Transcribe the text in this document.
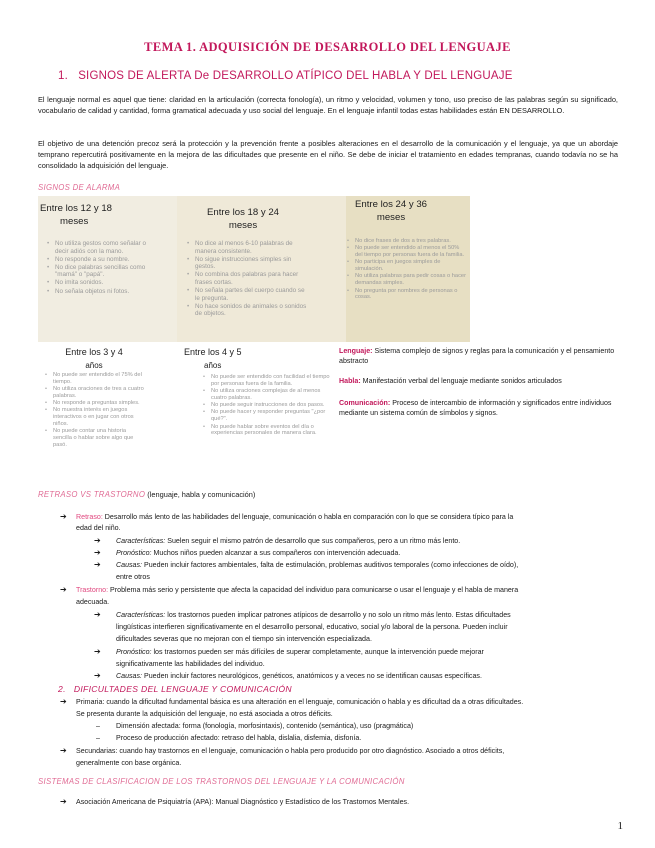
TEMA 1. ADQUISICIÓN DE DESARROLLO DEL LENGUAJE
1. SIGNOS DE ALERTA De DESARROLLO ATÍPICO DEL HABLA Y DEL LENGUAJE
El lenguaje normal es aquel que tiene: claridad en la articulación (correcta fonología), un ritmo y velocidad, volumen y tono, uso preciso de las palabras según su significado, vocabulario de calidad y cantidad, forma gramatical adecuada y uso social del lenguaje. En el lenguaje infantil todas estas habilidades están EN DESARROLLO.
El objetivo de una detención precoz será la protección y la prevención frente a posibles alteraciones en el desarrollo de la comunicación y el lenguaje, ya que un abordaje temprano repercutirá positivamente en la mejora de las dificultades que presente en el niño. Se debe de iniciar el tratamiento en edades tempranas, cuando todavía no se ha consolidado la adquisición del lenguaje.
SIGNOS DE ALARMA
Entre los 12 y 18
meses
• No utiliza gestos como señalar o decir adiós con la mano.
• No responde a su nombre.
• No dice palabras sencillas como "mamá" o "papá".
• No imita sonidos.
• No señala objetos ni fotos.
Entre los 18 y 24
meses
• No dice al menos 6-10 palabras de manera consistente.
• No sigue instrucciones simples sin gestos.
• No combina dos palabras para hacer frases cortas.
• No señala partes del cuerpo cuando se le pregunta.
• No hace sonidos de animales o sonidos de objetos.
Entre los 24 y 36
meses
• No dice frases de dos a tres palabras.
• No puede ser entendido al menos el 50% del tiempo por personas fuera de la familia.
• No participa en juegos simples de simulación.
• No utiliza palabras para pedir cosas o hacer demandas simples.
• No pregunta por nombres de personas o cosas.
Entre los 3 y 4
años
• No puede ser entendido el 75% del tiempo.
• No utiliza oraciones de tres a cuatro palabras.
• No responde a preguntas simples.
• No muestra interés en juegos interactivos o en jugar con otros niños.
• No puede contar una historia sencilla o hablar sobre algo que pasó.
Entre los 4 y 5
años
• No puede ser entendido con facilidad el tiempo por personas fuera de la familia.
• No utiliza oraciones complejas de al menos cuatro palabras.
• No puede seguir instrucciones de dos pasos.
• No puede hacer y responder preguntas "¿por qué?".
• No puede hablar sobre eventos del día o experiencias personales de manera clara.
Lenguaje: Sistema complejo de signos y reglas para la comunicación y el pensamiento abstracto
Habla: Manifestación verbal del lenguaje mediante sonidos articulados
Comunicación: Proceso de intercambio de información y significados entre individuos mediante un sistema común de símbolos y signos.
RETRASO VS TRASTORNO (lenguaje, habla y comunicación)
➔ Retraso: Desarrollo más lento de las habilidades del lenguaje, comunicación o habla en comparación con lo que se considera típico para la
edad del niño.
➔ Características: Suelen seguir el mismo patrón de desarrollo que sus compañeros, pero a un ritmo más lento.
➔ Pronóstico: Muchos niños pueden alcanzar a sus compañeros con intervención adecuada.
➔ Causas: Pueden incluir factores ambientales, falta de estimulación, problemas auditivos temporales (como infecciones de oído),
entre otros
➔ Trastorno: Problema más serio y persistente que afecta la capacidad del individuo para comunicarse o usar el lenguaje y el habla de manera
adecuada.
➔ Características: los trastornos pueden implicar patrones atípicos de desarrollo y no solo un ritmo más lento. Estas dificultades
lingüísticas interfieren significativamente en el desarrollo personal, educativo, social y/o laboral de la persona. Pueden incluir
dificultades severas que no mejoran con el tiempo sin intervención especializada.
➔ Pronóstico: los trastornos pueden ser más difíciles de superar completamente, aunque la intervención puede mejorar
significativamente las habilidades del individuo.
➔ Causas: Pueden incluir factores neurológicos, genéticos, anatómicos y a veces no se identifican causas específicas.
2. DIFICULTADES DEL LENGUAJE Y COMUNICACIÓN
➔ Primaria: cuando la dificultad fundamental básica es una alteración en el lenguaje, comunicación o habla y es dificultad da a otras dificultades.
Se presenta durante la adquisición del lenguaje, no está asociada a otros déficits.
– Dimensión afectada: forma (fonología, morfosintaxis), contenido (semántica), uso (pragmática)
– Proceso de producción afectado: retraso del habla, dislalia, disfemia, disfonía.
➔ Secundarias: cuando hay trastornos en el lenguaje, comunicación o habla pero producido por otro diagnóstico. Asociado a otros déficits,
generalmente con base orgánica.
SISTEMAS DE CLASIFICACION DE LOS TRASTORNOS DEL LENGUAJE Y LA COMUNICACIÓN
➔ Asociación Americana de Psiquiatría (APA): Manual Diagnóstico y Estadístico de los Trastornos Mentales.
1
